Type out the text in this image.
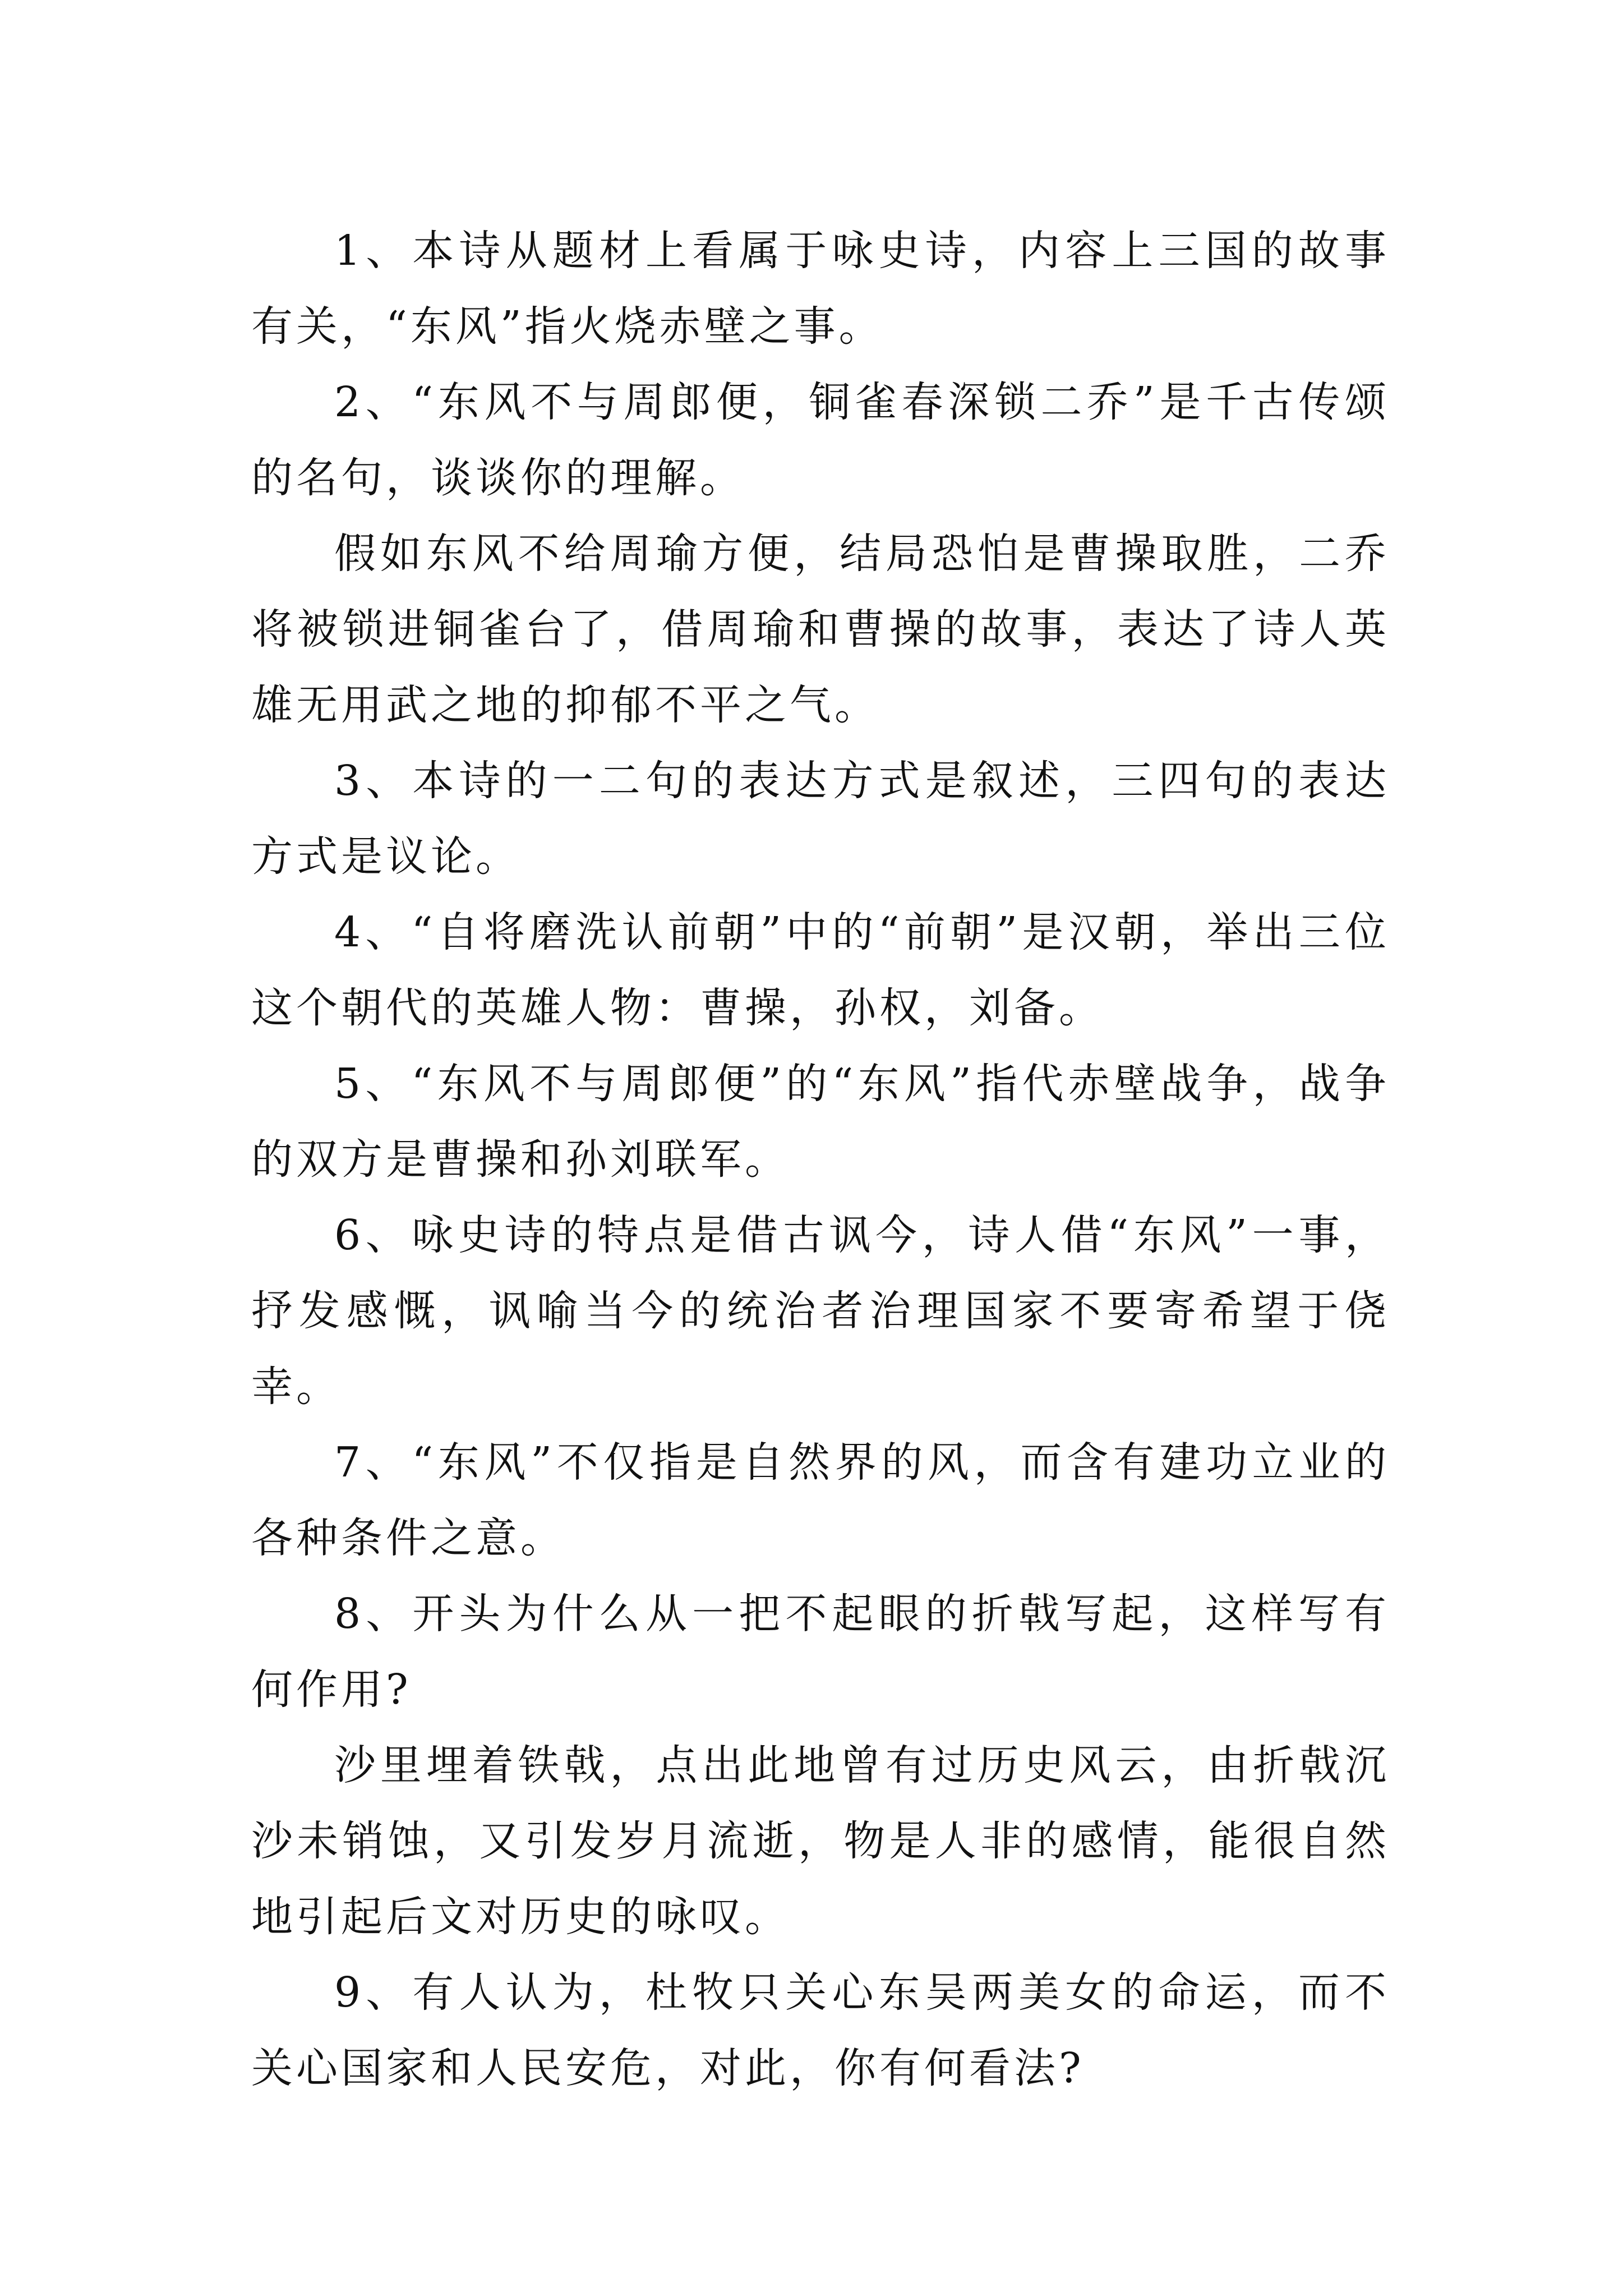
1、本诗从题材上看属于咏史诗，内容上三国的故事有关，“东风”指火烧赤壁之事。

2、“东风不与周郎便，铜雀春深锁二乔”是千古传颂的名句，谈谈你的理解。

假如东风不给周瑜方便，结局恐怕是曹操取胜，二乔将被锁进铜雀台了，借周瑜和曹操的故事，表达了诗人英雄无用武之地的抑郁不平之气。

3、本诗的一二句的表达方式是叙述，三四句的表达方式是议论。

4、“自将磨洗认前朝”中的“前朝”是汉朝，举出三位这个朝代的英雄人物：曹操，孙权，刘备。

5、“东风不与周郎便”的“东风”指代赤壁战争，战争的双方是曹操和孙刘联军。

6、咏史诗的特点是借古讽今，诗人借“东风”一事，抒发感慨，讽喻当今的统治者治理国家不要寄希望于侥幸。

7、“东风”不仅指是自然界的风，而含有建功立业的各种条件之意。

8、开头为什么从一把不起眼的折戟写起，这样写有何作用?

沙里埋着铁戟，点出此地曾有过历史风云，由折戟沉沙未销蚀，又引发岁月流逝，物是人非的感情，能很自然地引起后文对历史的咏叹。

9、有人认为，杜牧只关心东吴两美女的命运，而不关心国家和人民安危，对此，你有何看法?
